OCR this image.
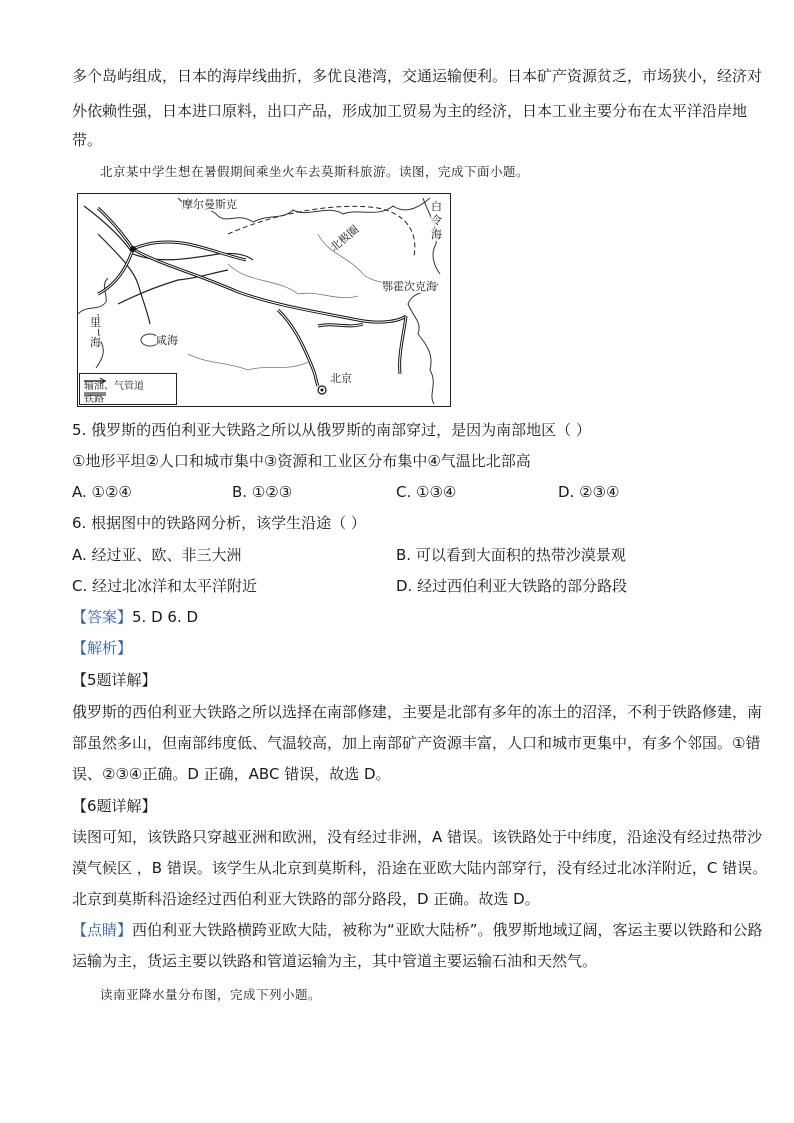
多个岛屿组成，日本的海岸线曲折，多优良港湾，交通运输便利。日本矿产资源贫乏，市场狭小，经济对
外依赖性强，日本进口原料，出口产品，形成加工贸易为主的经济，日本工业主要分布在太平洋沿岸地
带。
北京某中学生想在暑假期间乘坐火车去莫斯科旅游。读图，完成下面小题。
摩尔曼斯克	白
令
海
北极圈
鄂霍次克海
里
海	咸海
北京
输油、气管道
铁路
5. 俄罗斯的西伯利亚大铁路之所以从俄罗斯的南部穿过，是因为南部地区（ ）
①地形平坦②人口和城市集中③资源和工业区分布集中④气温比北部高
A. ①②④	B. ①②③	C. ①③④	D. ②③④
6. 根据图中的铁路网分析，该学生沿途（ ）
A. 经过亚、欧、非三大洲	B. 可以看到大面积的热带沙漠景观
C. 经过北冰洋和太平洋附近	D. 经过西伯利亚大铁路的部分路段
【答案】5. D 6. D
【解析】
【5题详解】
俄罗斯的西伯利亚大铁路之所以选择在南部修建，主要是北部有多年的冻土的沼泽，不利于铁路修建，南
部虽然多山，但南部纬度低、气温较高，加上南部矿产资源丰富，人口和城市更集中，有多个邻国。①错
误、②③④正确。D 正确，ABC 错误，故选 D。
【6题详解】
读图可知，该铁路只穿越亚洲和欧洲，没有经过非洲，A 错误。该铁路处于中纬度，沿途没有经过热带沙
漠气候区 ，B 错误。该学生从北京到莫斯科，沿途在亚欧大陆内部穿行，没有经过北冰洋附近，C 错误。
北京到莫斯科沿途经过西伯利亚大铁路的部分路段，D 正确。故选 D。
【点睛】西伯利亚大铁路横跨亚欧大陆，被称为“亚欧大陆桥”。俄罗斯地域辽阔，客运主要以铁路和公路
运输为主，货运主要以铁路和管道运输为主，其中管道主要运输石油和天然气。
读南亚降水量分布图，完成下列小题。
